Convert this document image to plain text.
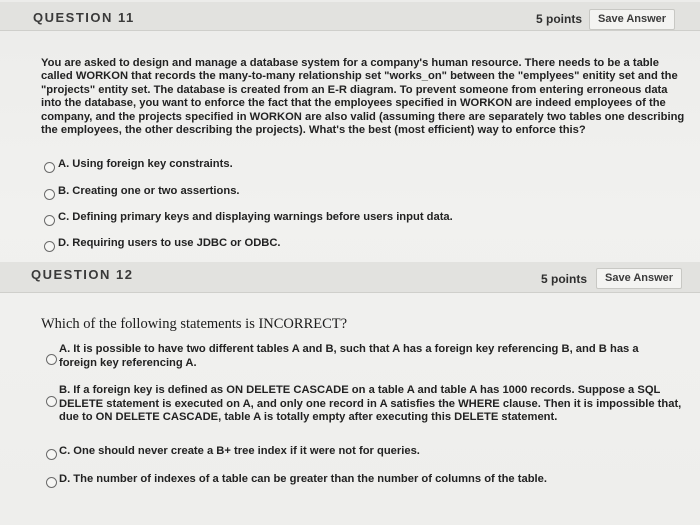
QUESTION 11	5 points	Save Answer
You are asked to design and manage a database system for a company's human resource. There needs to be a table called WORKON that records the many-to-many relationship set "works_on" between the "emplyees" enitity set and the "projects" entity set. The database is created from an E-R diagram. To prevent someone from entering erroneous data into the database, you want to enforce the fact that the employees specified in WORKON are indeed employees of the company, and the projects specified in WORKON are also valid (assuming there are separately two tables one describing the employees, the other describing the projects). What's the best (most efficient) way to enforce this?
A. Using foreign key constraints.
B. Creating one or two assertions.
C. Defining primary keys and displaying warnings before users input data.
D. Requiring users to use JDBC or ODBC.
QUESTION 12	5 points	Save Answer
Which of the following statements is INCORRECT?
A. It is possible to have two different tables A and B, such that A has a foreign key referencing B, and B has a foreign key referencing A.
B. If a foreign key is defined as ON DELETE CASCADE on a table A and table A has 1000 records. Suppose a SQL DELETE statement is executed on A, and only one record in A satisfies the WHERE clause. Then it is impossible that, due to ON DELETE CASCADE, table A is totally empty after executing this DELETE statement.
C. One should never create a B+ tree index if it were not for queries.
D. The number of indexes of a table can be greater than the number of columns of the table.
